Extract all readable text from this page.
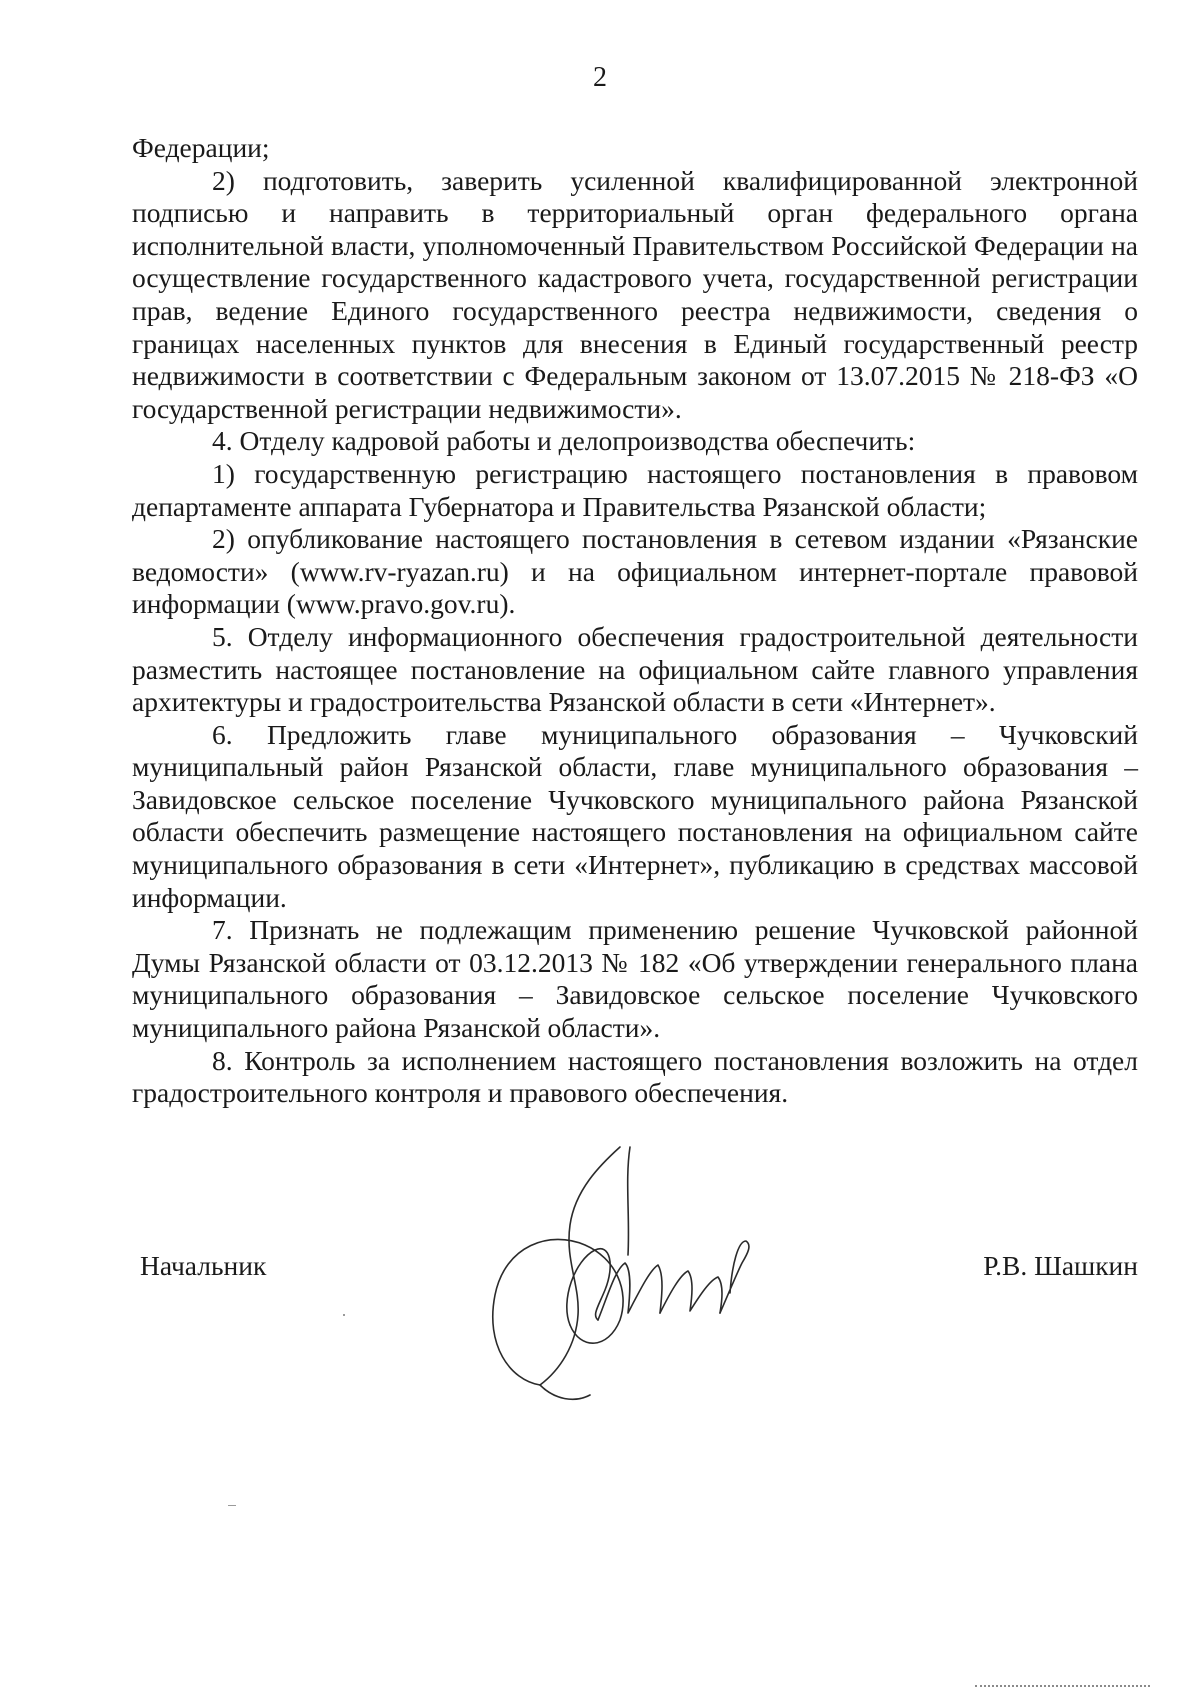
2

Федерации;

2) подготовить, заверить усиленной квалифицированной электронной подписью и направить в территориальный орган федерального органа исполнительной власти, уполномоченный Правительством Российской Федерации на осуществление государственного кадастрового учета, государственной регистрации прав, ведение Единого государственного реестра недвижимости, сведения о границах населенных пунктов для внесения в Единый государственный реестр недвижимости в соответствии с Федеральным законом от 13.07.2015 № 218-ФЗ «О государственной регистрации недвижимости».

4. Отделу кадровой работы и делопроизводства обеспечить:

1) государственную регистрацию настоящего постановления в правовом департаменте аппарата Губернатора и Правительства Рязанской области;

2) опубликование настоящего постановления в сетевом издании «Рязанские ведомости» (www.rv-ryazan.ru) и на официальном интернет-портале правовой информации (www.pravo.gov.ru).

5. Отделу информационного обеспечения градостроительной деятельности разместить настоящее постановление на официальном сайте главного управления архитектуры и градостроительства Рязанской области в сети «Интернет».

6. Предложить главе муниципального образования – Чучковский муниципальный район Рязанской области, главе муниципального образования – Завидовское сельское поселение Чучковского муниципального района Рязанской области обеспечить размещение настоящего постановления на официальном сайте муниципального образования в сети «Интернет», публикацию в средствах массовой информации.

7. Признать не подлежащим применению решение Чучковской районной Думы Рязанской области от 03.12.2013 № 182 «Об утверждении генерального плана муниципального образования – Завидовское сельское поселение Чучковского муниципального района Рязанской области».

8. Контроль за исполнением настоящего постановления возложить на отдел градостроительного контроля и правового обеспечения.

Начальник	Р.В. Шашкин
